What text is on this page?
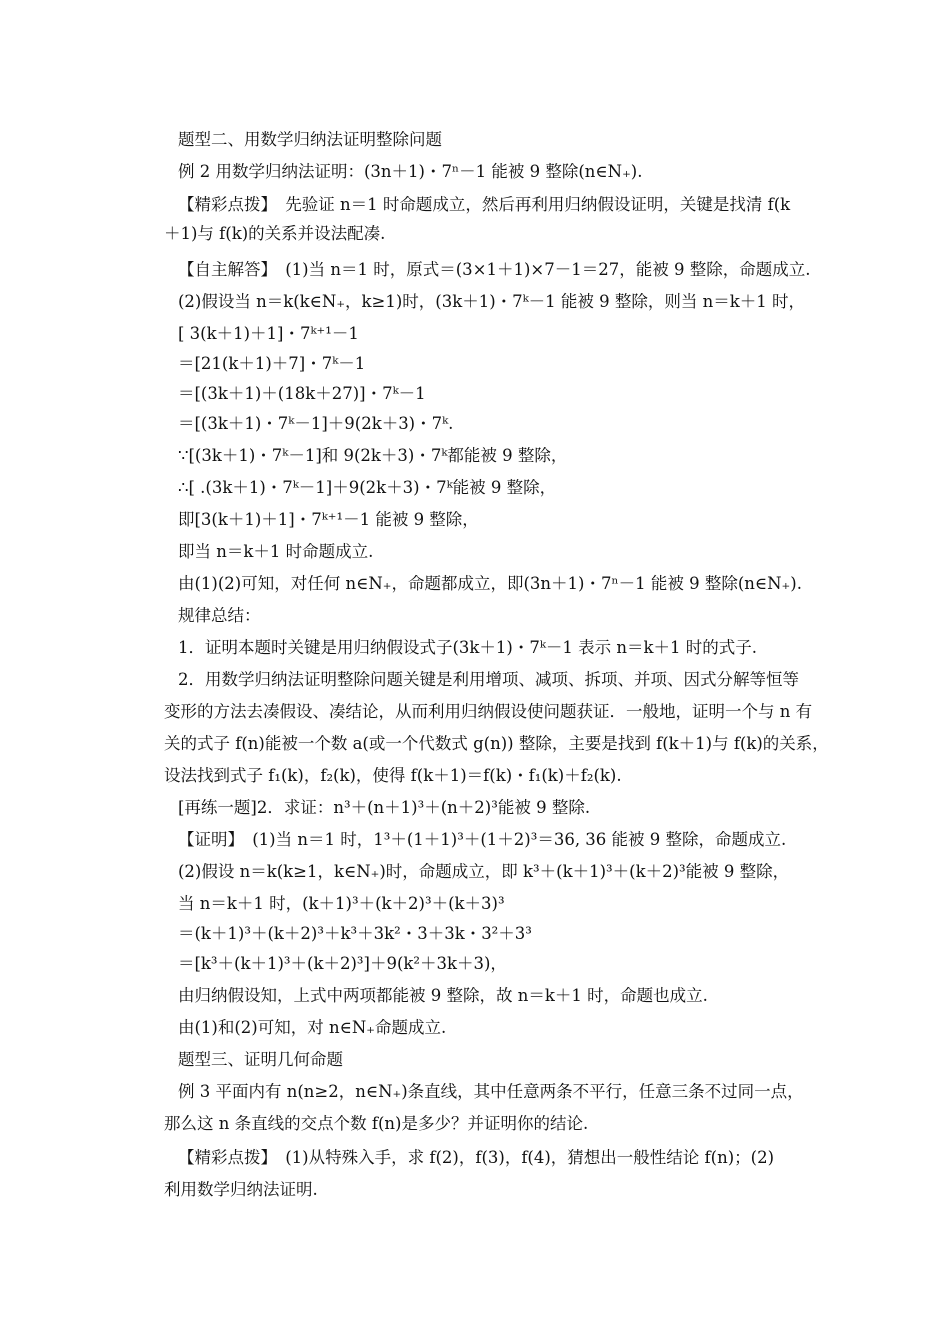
题型二、用数学归纳法证明整除问题
例 2 用数学归纳法证明：(3n＋1)・7ⁿ－1 能被 9 整除(n∈N₊).
【精彩点拨】　先验证 n＝1 时命题成立，然后再利用归纳假设证明，关键是找清 f(k
＋1)与 f(k)的关系并设法配凑.
【自主解答】　(1)当 n＝1 时，原式＝(3×1＋1)×7－1＝27，能被 9 整除，命题成立.
(2)假设当 n＝k(k∈N₊，k≥1)时，(3k＋1)・7ᵏ－1 能被 9 整除，则当 n＝k＋1 时，
[ 3(k＋1)＋1]・7ᵏ⁺¹－1
＝[21(k＋1)＋7]・7ᵏ－1
＝[(3k＋1)＋(18k＋27)]・7ᵏ－1
＝[(3k＋1)・7ᵏ－1]＋9(2k＋3)・7ᵏ.
∵[(3k＋1)・7ᵏ－1]和 9(2k＋3)・7ᵏ都能被 9 整除，
∴[ .(3k＋1)・7ᵏ－1]＋9(2k＋3)・7ᵏ能被 9 整除，
即[3(k＋1)＋1]・7ᵏ⁺¹－1 能被 9 整除，
即当 n＝k＋1 时命题成立.
由(1)(2)可知，对任何 n∈N₊，命题都成立，即(3n＋1)・7ⁿ－1 能被 9 整除(n∈N₊).
规律总结：
1．证明本题时关键是用归纳假设式子(3k＋1)・7ᵏ－1 表示 n＝k＋1 时的式子.
2．用数学归纳法证明整除问题关键是利用增项、减项、拆项、并项、因式分解等恒等
变形的方法去凑假设、凑结论，从而利用归纳假设使问题获证．一般地，证明一个与 n 有
关的式子 f(n)能被一个数 a(或一个代数式 g(n)) 整除，主要是找到 f(k＋1)与 f(k)的关系，
设法找到式子 f₁(k)，f₂(k)，使得 f(k＋1)＝f(k)・f₁(k)＋f₂(k).
[再练一题]2．求证：n³＋(n＋1)³＋(n＋2)³能被 9 整除.
【证明】　(1)当 n＝1 时，1³＋(1＋1)³＋(1＋2)³＝36, 36 能被 9 整除，命题成立.
(2)假设 n＝k(k≥1，k∈N₊)时，命题成立，即 k³＋(k＋1)³＋(k＋2)³能被 9 整除，
当 n＝k＋1 时，(k＋1)³＋(k＋2)³＋(k＋3)³
＝(k＋1)³＋(k＋2)³＋k³＋3k²・3＋3k・3²＋3³
＝[k³＋(k＋1)³＋(k＋2)³]＋9(k²＋3k＋3)，
由归纳假设知，上式中两项都能被 9 整除，故 n＝k＋1 时，命题也成立.
由(1)和(2)可知，对 n∈N₊命题成立.
题型三、证明几何命题
例 3 平面内有 n(n≥2，n∈N₊)条直线，其中任意两条不平行，任意三条不过同一点，
那么这 n 条直线的交点个数 f(n)是多少？并证明你的结论.
【精彩点拨】　(1)从特殊入手，求 f(2)，f(3)，f(4)，猜想出一般性结论 f(n)；(2)
利用数学归纳法证明.
